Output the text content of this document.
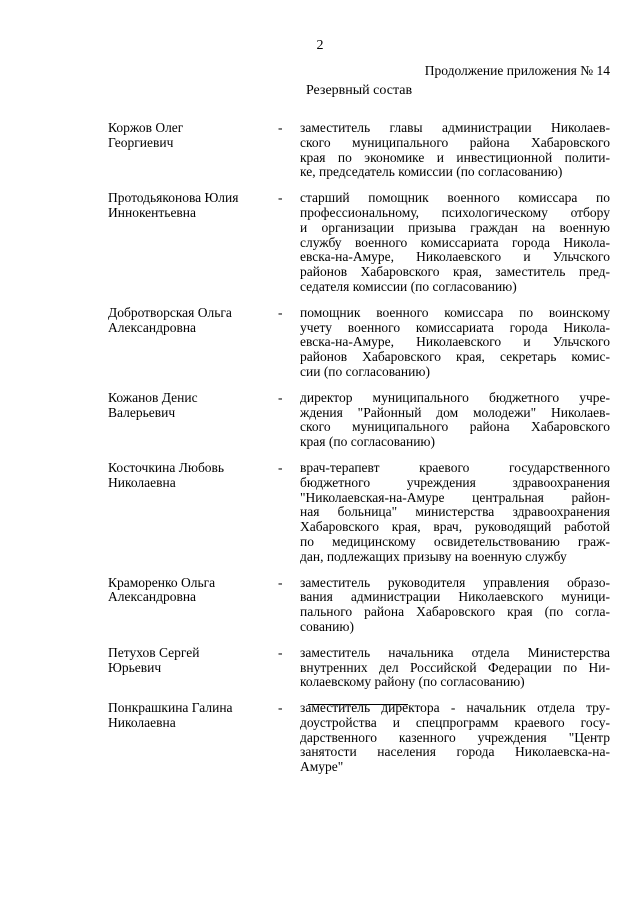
2
Продолжение приложения № 14
Резервный состав
Коржов Олег
Георгиевич
-	заместитель главы администрации Николаев-
ского муниципального района Хабаровского
края по экономике и инвестиционной полити-
ке, председатель комиссии (по согласованию)
Протодьяконова Юлия
Иннокентьевна
-	старший помощник военного комиссара по
профессиональному, психологическому отбору
и организации призыва граждан на военную
службу военного комиссариата города Никола-
евска-на-Амуре, Николаевского и Ульчского
районов Хабаровского края, заместитель пред-
седателя комиссии (по согласованию)
Добротворская Ольга
Александровна
-	помощник военного комиссара по воинскому
учету военного комиссариата города Никола-
евска-на-Амуре, Николаевского и Ульчского
районов Хабаровского края, секретарь комис-
сии (по согласованию)
Кожанов Денис
Валерьевич
-	директор муниципального бюджетного учре-
ждения "Районный дом молодежи" Николаев-
ского муниципального района Хабаровского
края (по согласованию)
Косточкина Любовь
Николаевна
-	врач-терапевт краевого государственного
бюджетного учреждения здравоохранения
"Николаевская-на-Амуре центральная район-
ная больница" министерства здравоохранения
Хабаровского края, врач, руководящий работой
по медицинскому освидетельствованию граж-
дан, подлежащих призыву на военную службу
Краморенко Ольга
Александровна
-	заместитель руководителя управления образо-
вания администрации Николаевского муници-
пального района Хабаровского края (по согла-
сованию)
Петухов Сергей
Юрьевич
-	заместитель начальника отдела Министерства
внутренних дел Российской Федерации по Ни-
колаевскому району (по согласованию)
Понкрашкина Галина
Николаевна
-	заместитель директора - начальник отдела тру-
доустройства и спецпрограмм краевого госу-
дарственного казенного учреждения "Центр
занятости населения города Николаевска-на-
Амуре"
